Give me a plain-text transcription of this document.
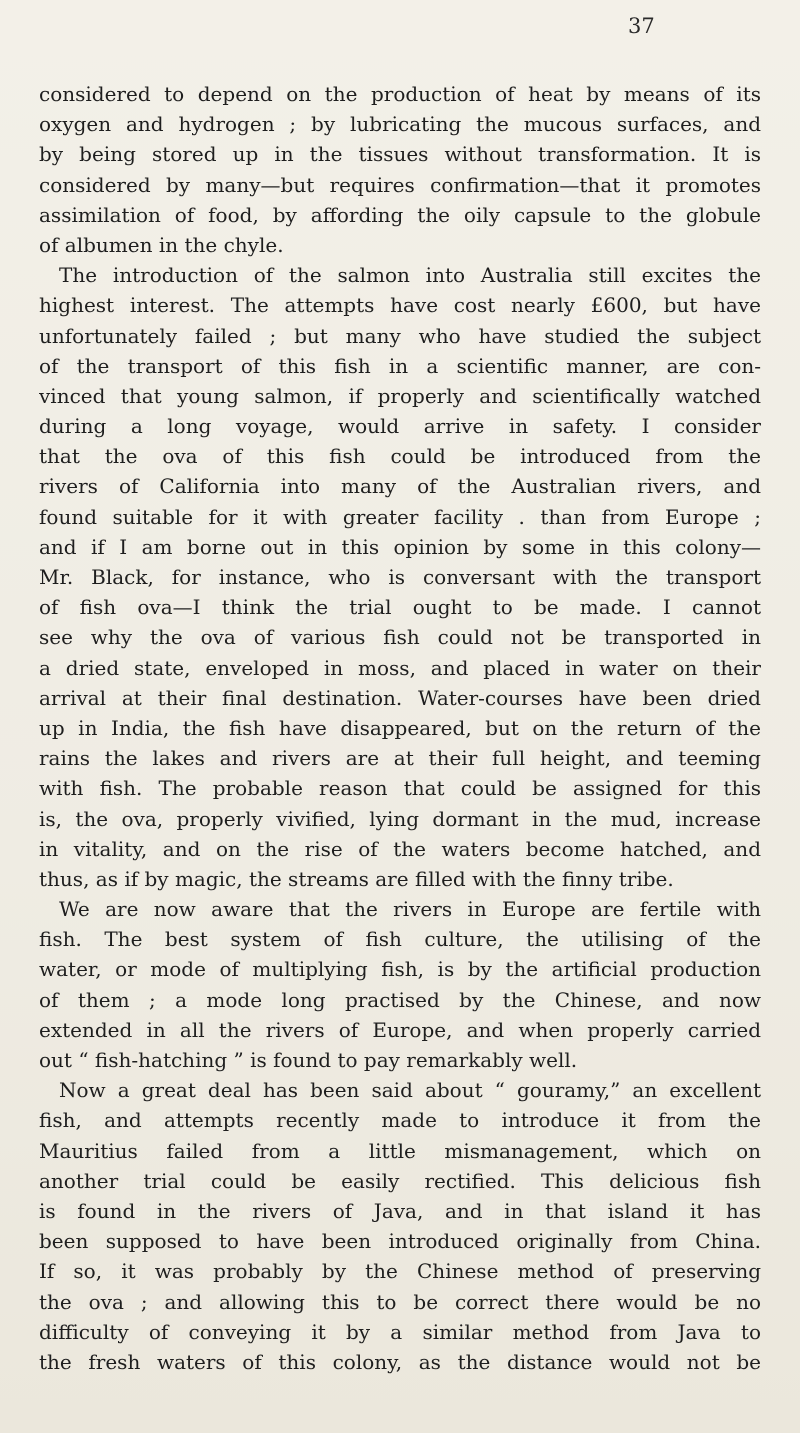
37
considered to depend on the production of heat by means of its
oxygen and hydrogen ; by lubricating the mucous surfaces, and
by being stored up in the tissues without transformation. It is
considered by many—but requires confirmation—that it promotes
assimilation of food, by affording the oily capsule to the globule
of albumen in the chyle.
The introduction of the salmon into Australia still excites the
highest interest. The attempts have cost nearly £600, but have
unfortunately failed ; but many who have studied the subject
of the transport of this fish in a scientific manner, are con-
vinced that young salmon, if properly and scientifically watched
during a long voyage, would arrive in safety. I consider
that the ova of this fish could be introduced from the
rivers of California into many of the Australian rivers, and
found suitable for it with greater facility . than from Europe ;
and if I am borne out in this opinion by some in this colony—
Mr. Black, for instance, who is conversant with the transport
of fish ova—I think the trial ought to be made. I cannot
see why the ova of various fish could not be transported in
a dried state, enveloped in moss, and placed in water on their
arrival at their final destination. Water-courses have been dried
up in India, the fish have disappeared, but on the return of the
rains the lakes and rivers are at their full height, and teeming
with fish. The probable reason that could be assigned for this
is, the ova, properly vivified, lying dormant in the mud, increase
in vitality, and on the rise of the waters become hatched, and
thus, as if by magic, the streams are filled with the finny tribe.
We are now aware that the rivers in Europe are fertile with
fish. The best system of fish culture, the utilising of the
water, or mode of multiplying fish, is by the artificial production
of them ; a mode long practised by the Chinese, and now
extended in all the rivers of Europe, and when properly carried
out “ fish-hatching ” is found to pay remarkably well.
Now a great deal has been said about “ gouramy,” an excellent
fish, and attempts recently made to introduce it from the
Mauritius failed from a little mismanagement, which on
another trial could be easily rectified. This delicious fish
is found in the rivers of Java, and in that island it has
been supposed to have been introduced originally from China.
If so, it was probably by the Chinese method of preserving
the ova ; and allowing this to be correct there would be no
difficulty of conveying it by a similar method from Java to
the fresh waters of this colony, as the distance would not be
